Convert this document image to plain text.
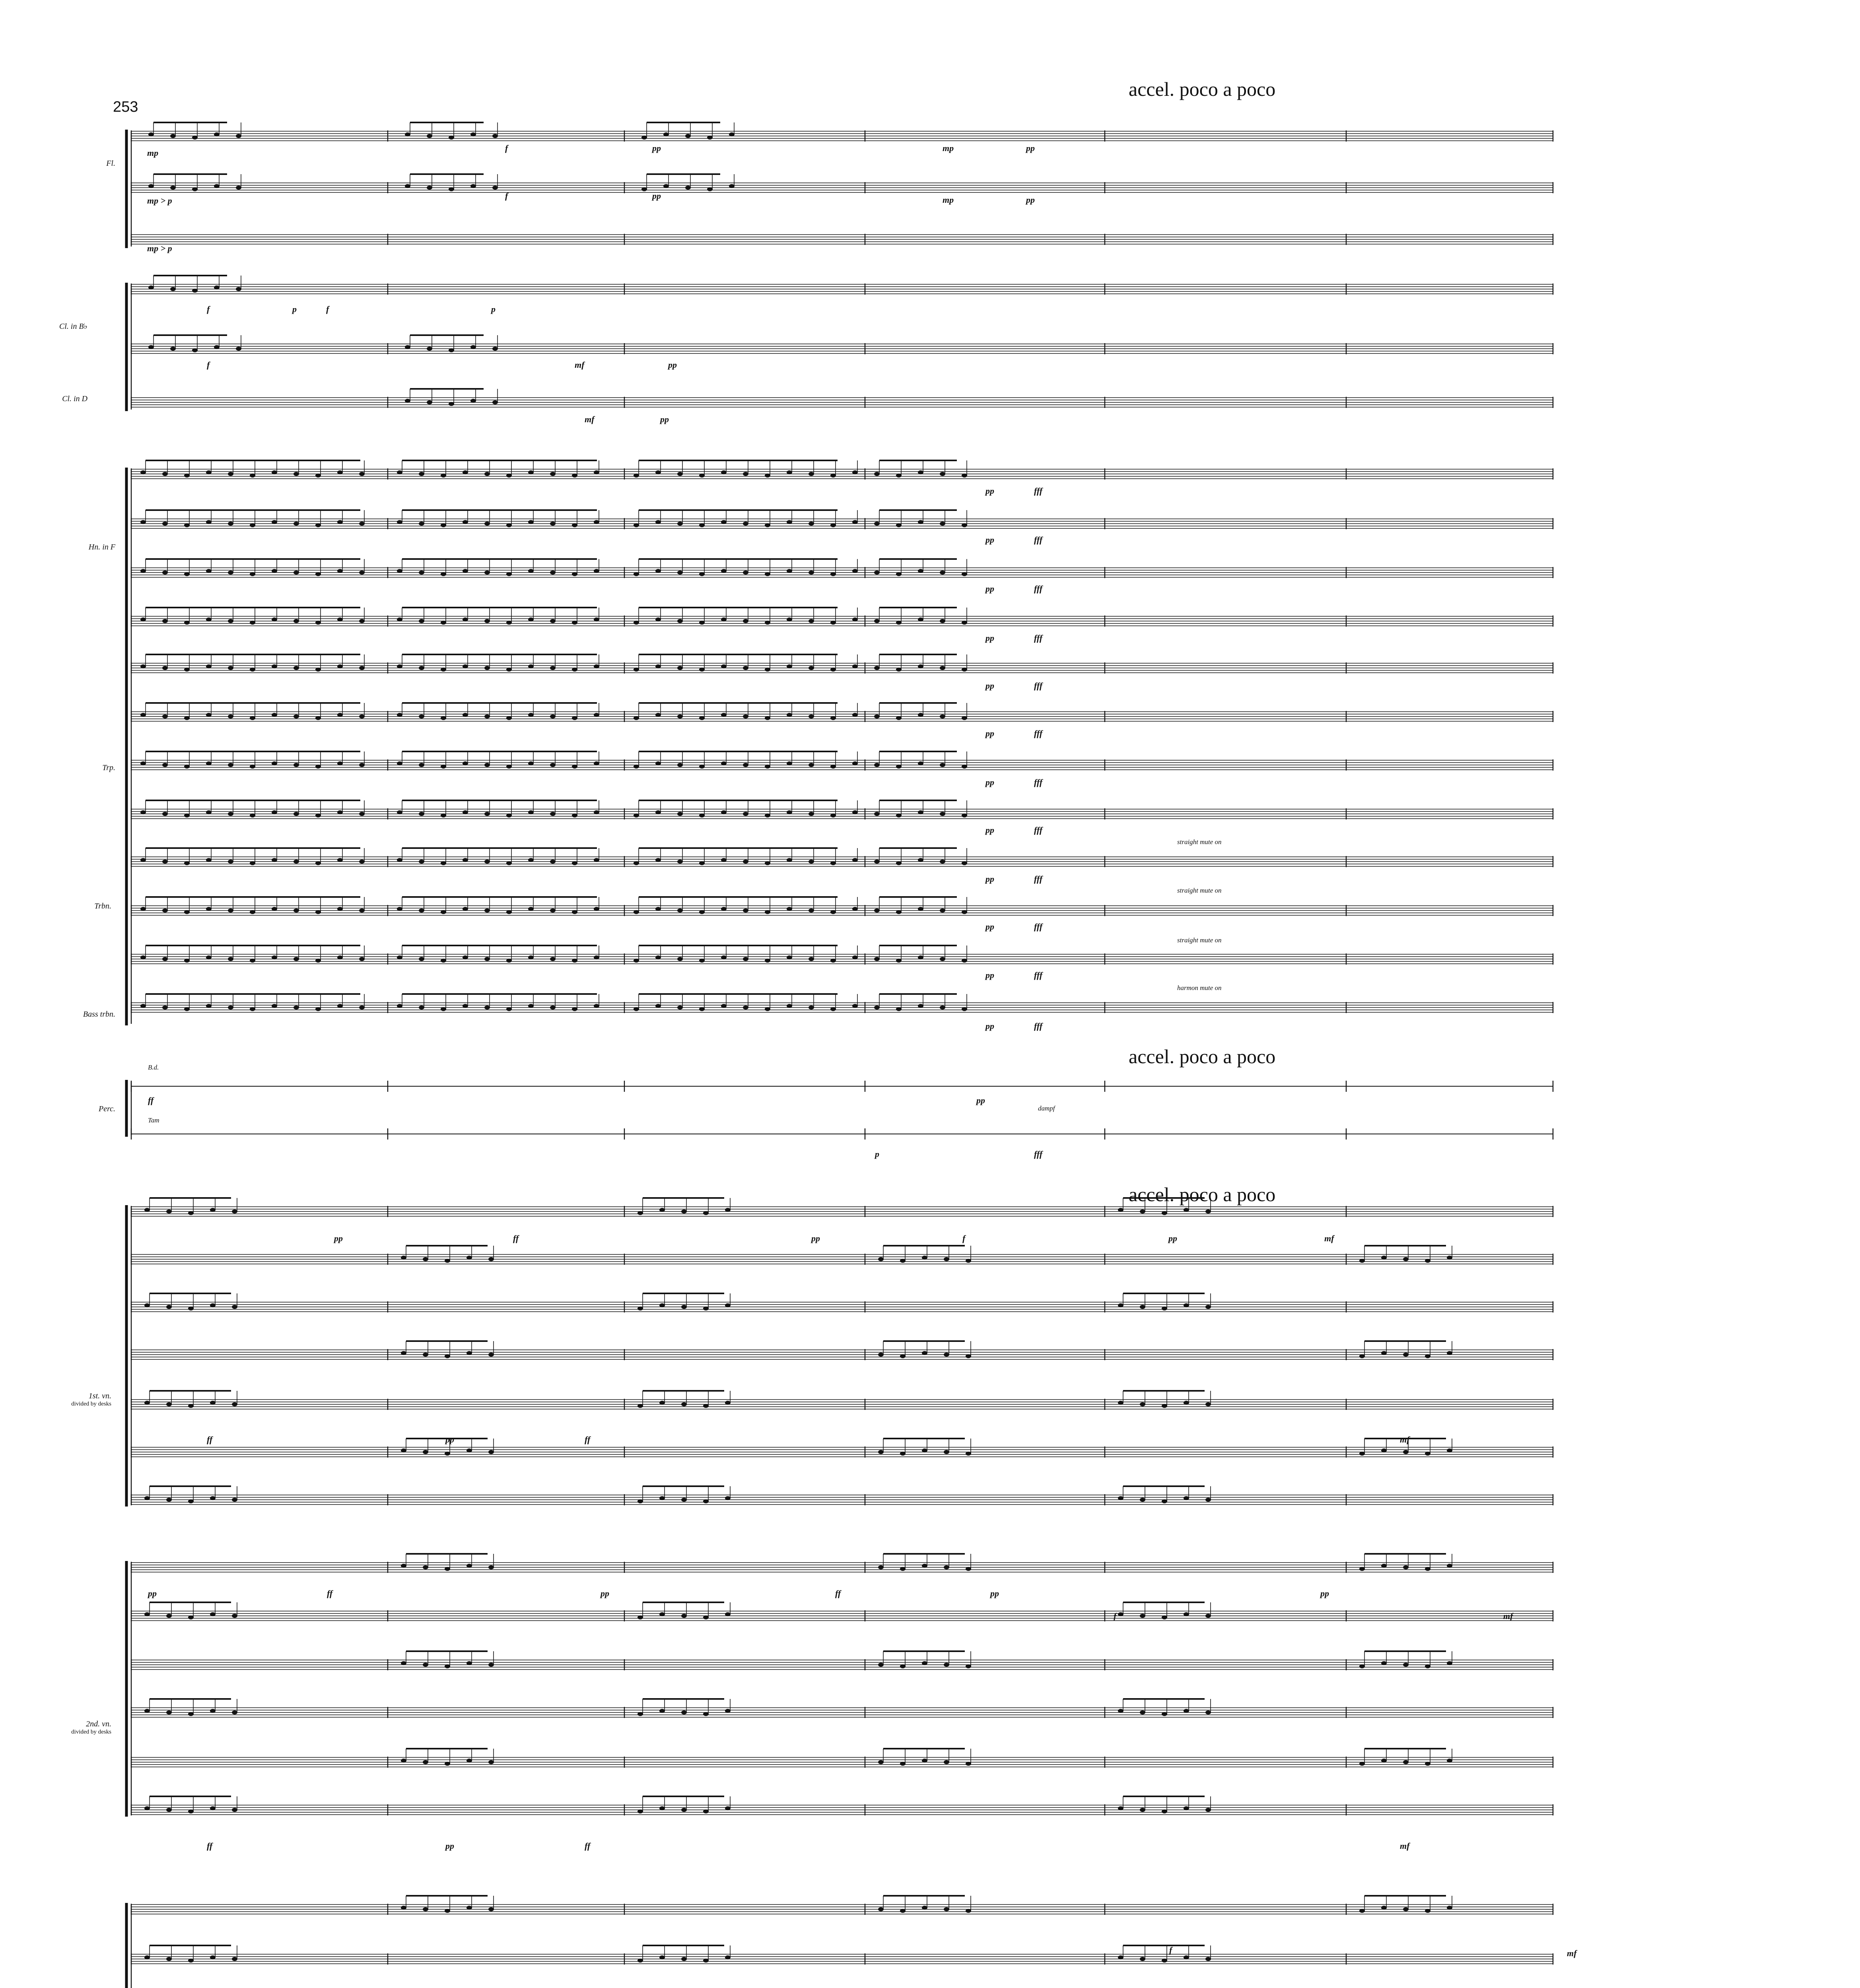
accel. poco a poco
accel. poco a poco
accel. poco a poco
253
Fl.
Cl. in B♭
Cl. in D
Hn. in F
Trp.
Trbn.
Bass trbn.
Perc.
1st. vn.
divided by desks
2nd. vn.
divided by desks
straight mute on
straight mute on
straight mute on
harmon mute on
B.d.
Tam
dampf
mp
mp > p
mp > p
f	pp
f	pp
mp	pp
mp	pp
f	p	f	p
f	mf	pp
mf	pp
pp	fff
pp	fff
pp	fff
pp	fff
pp	fff
pp	fff
pp	fff
pp	fff
pp	fff
pp	fff
pp	fff
pp	fff
ff	pp
p	fff
pp	ff	pp	f	pp	mf
ff	pp	ff	mf
pp	ff	pp	ff	pp
f
pp
mf
ff	pp	ff	mf
f	mf
